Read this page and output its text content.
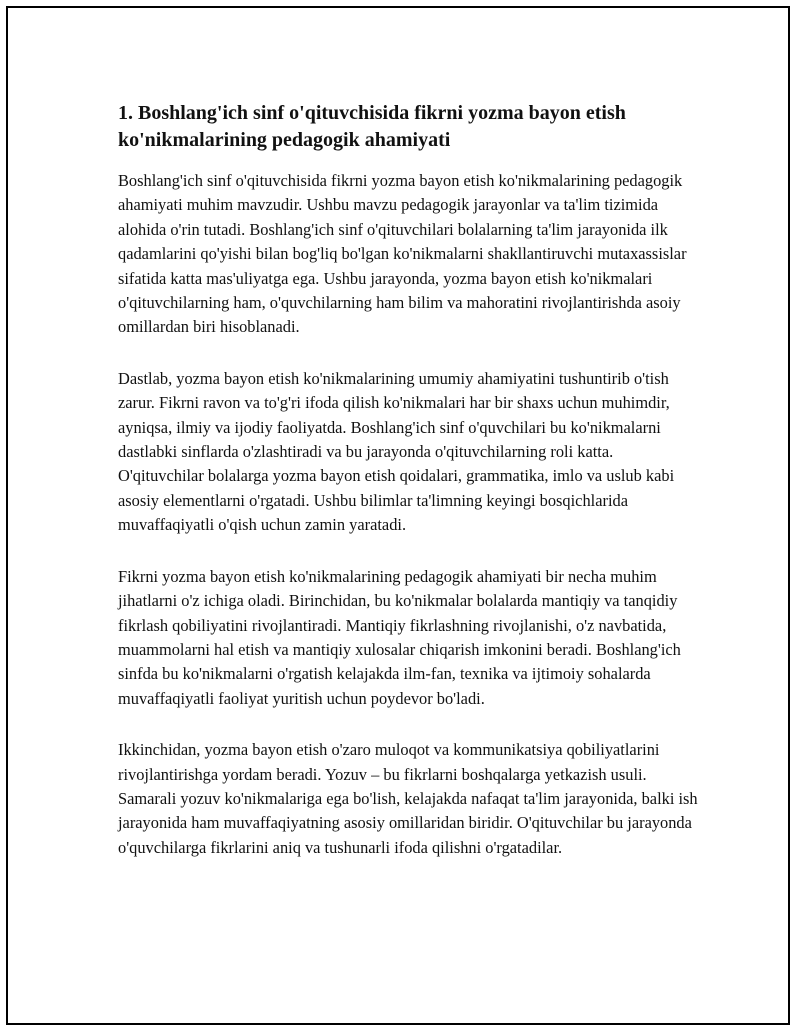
1. Boshlang'ich sinf o'qituvchisida fikrni yozma bayon etish ko'nikmalarining pedagogik ahamiyati

Boshlang'ich sinf o'qituvchisida fikrni yozma bayon etish ko'nikmalarining pedagogik ahamiyati muhim mavzudir. Ushbu mavzu pedagogik jarayonlar va ta'lim tizimida alohida o'rin tutadi. Boshlang'ich sinf o'qituvchilari bolalarning ta'lim jarayonida ilk qadamlarini qo'yishi bilan bog'liq bo'lgan ko'nikmalarni shakllantiruvchi mutaxassislar sifatida katta mas'uliyatga ega. Ushbu jarayonda, yozma bayon etish ko'nikmalari o'qituvchilarning ham, o'quvchilarning ham bilim va mahoratini rivojlantirishda asoiy omillardan biri hisoblanadi.

Dastlab, yozma bayon etish ko'nikmalarining umumiy ahamiyatini tushuntirib o'tish zarur. Fikrni ravon va to'g'ri ifoda qilish ko'nikmalari har bir shaxs uchun muhimdir, ayniqsa, ilmiy va ijodiy faoliyatda. Boshlang'ich sinf o'quvchilari bu ko'nikmalarni dastlabki sinflarda o'zlashtiradi va bu jarayonda o'qituvchilarning roli katta. O'qituvchilar bolalarga yozma bayon etish qoidalari, grammatika, imlo va uslub kabi asosiy elementlarni o'rgatadi. Ushbu bilimlar ta'limning keyingi bosqichlarida muvaffaqiyatli o'qish uchun zamin yaratadi.

Fikrni yozma bayon etish ko'nikmalarining pedagogik ahamiyati bir necha muhim jihatlarni o'z ichiga oladi. Birinchidan, bu ko'nikmalar bolalarda mantiqiy va tanqidiy fikrlash qobiliyatini rivojlantiradi. Mantiqiy fikrlashning rivojlanishi, o'z navbatida, muammolarni hal etish va mantiqiy xulosalar chiqarish imkonini beradi. Boshlang'ich sinfda bu ko'nikmalarni o'rgatish kelajakda ilm-fan, texnika va ijtimoiy sohalarda muvaffaqiyatli faoliyat yuritish uchun poydevor bo'ladi.

Ikkinchidan, yozma bayon etish o'zaro muloqot va kommunikatsiya qobiliyatlarini rivojlantirishga yordam beradi. Yozuv – bu fikrlarni boshqalarga yetkazish usuli. Samarali yozuv ko'nikmalariga ega bo'lish, kelajakda nafaqat ta'lim jarayonida, balki ish jarayonida ham muvaffaqiyatning asosiy omillaridan biridir. O'qituvchilar bu jarayonda o'quvchilarga fikrlarini aniq va tushunarli ifoda qilishni o'rgatadilar.
